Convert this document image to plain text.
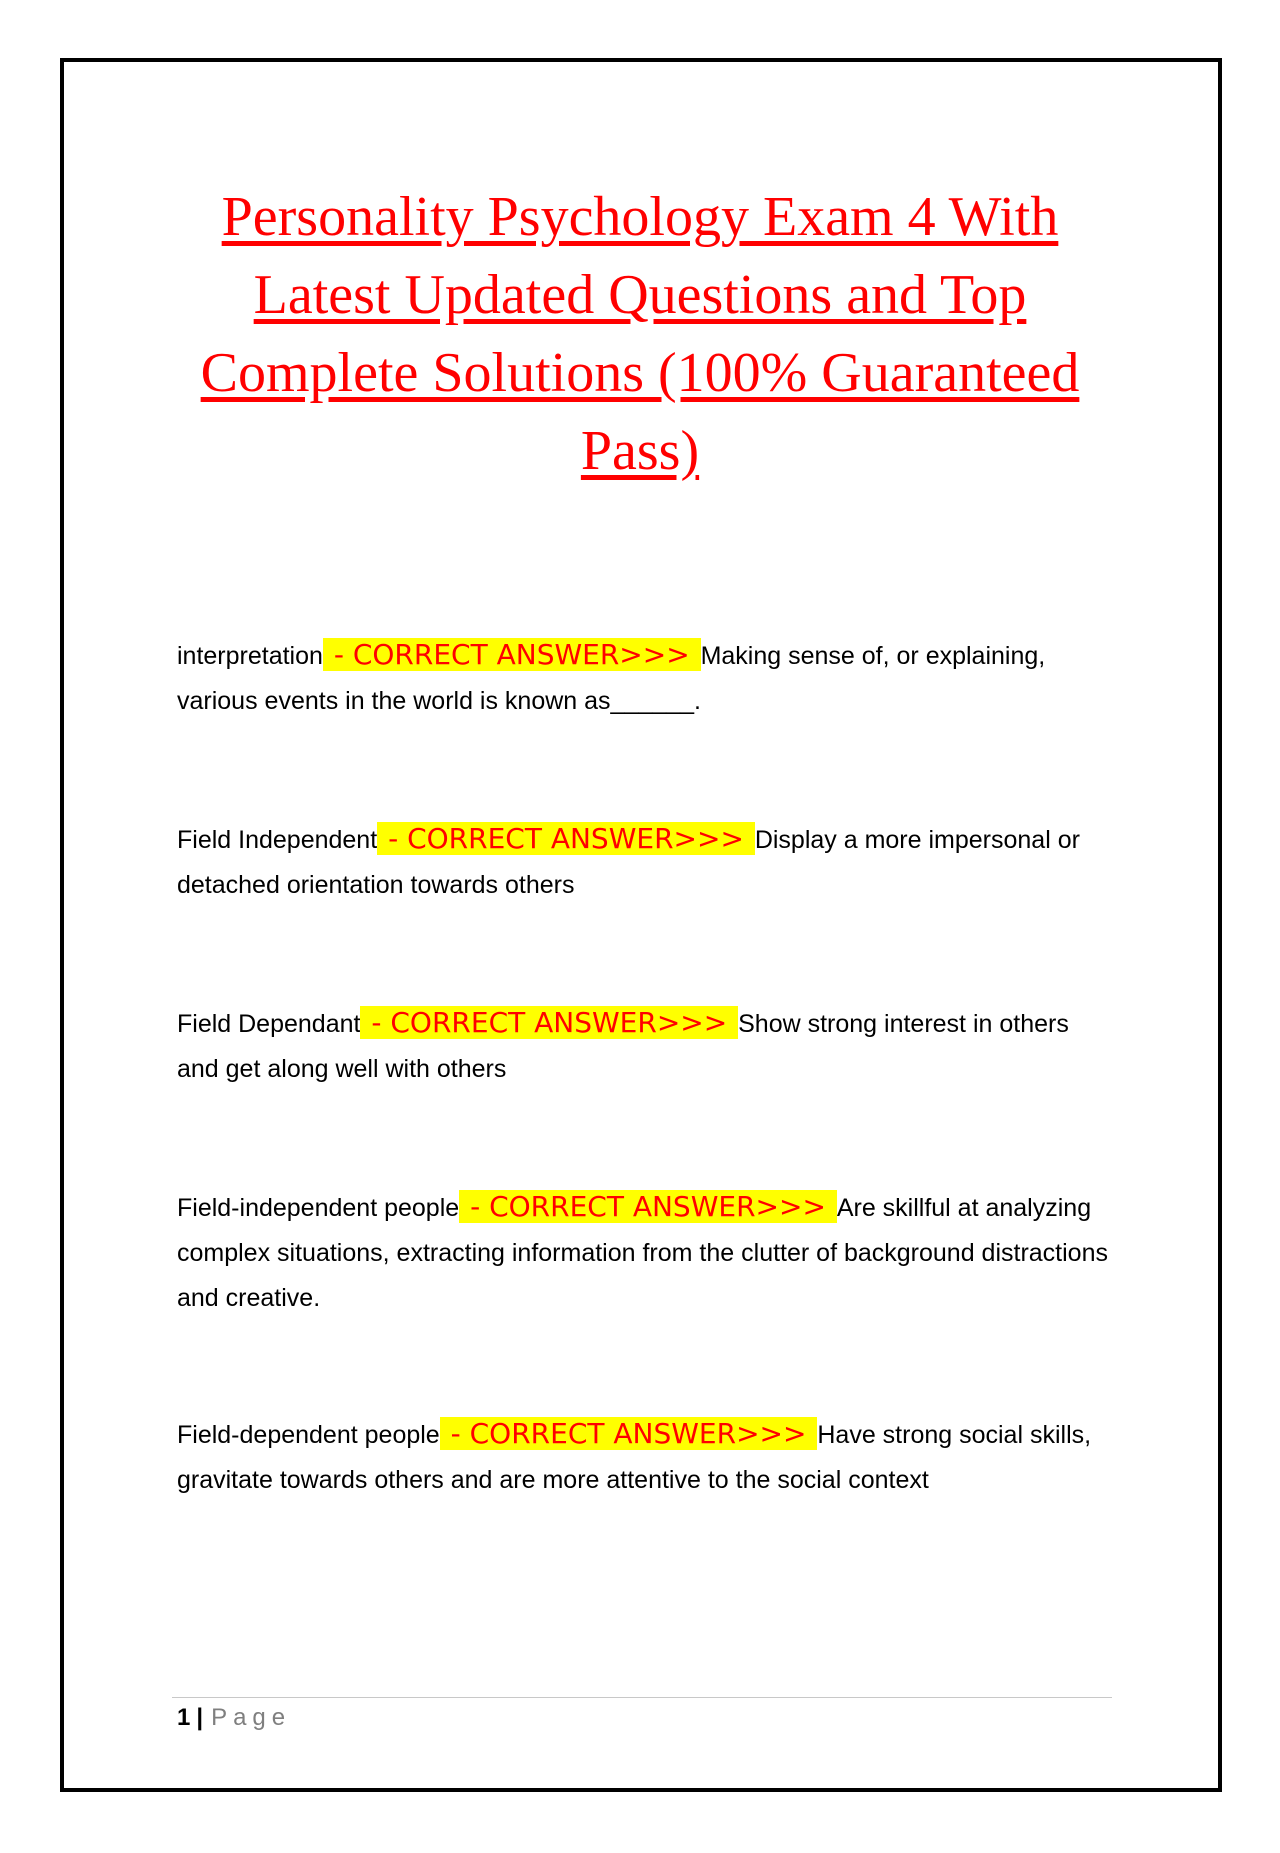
Personality Psychology Exam 4 With
Latest Updated Questions and Top
Complete Solutions (100% Guaranteed
Pass)
interpretation - CORRECT ANSWER>>> Making sense of, or explaining, various events in the world is known as______.
Field Independent - CORRECT ANSWER>>> Display a more impersonal or detached orientation towards others
Field Dependant - CORRECT ANSWER>>> Show strong interest in others and get along well with others
Field-independent people - CORRECT ANSWER>>> Are skillful at analyzing complex situations, extracting information from the clutter of background distractions and creative.
Field-dependent people - CORRECT ANSWER>>> Have strong social skills, gravitate towards others and are more attentive to the social context
1 | Page
